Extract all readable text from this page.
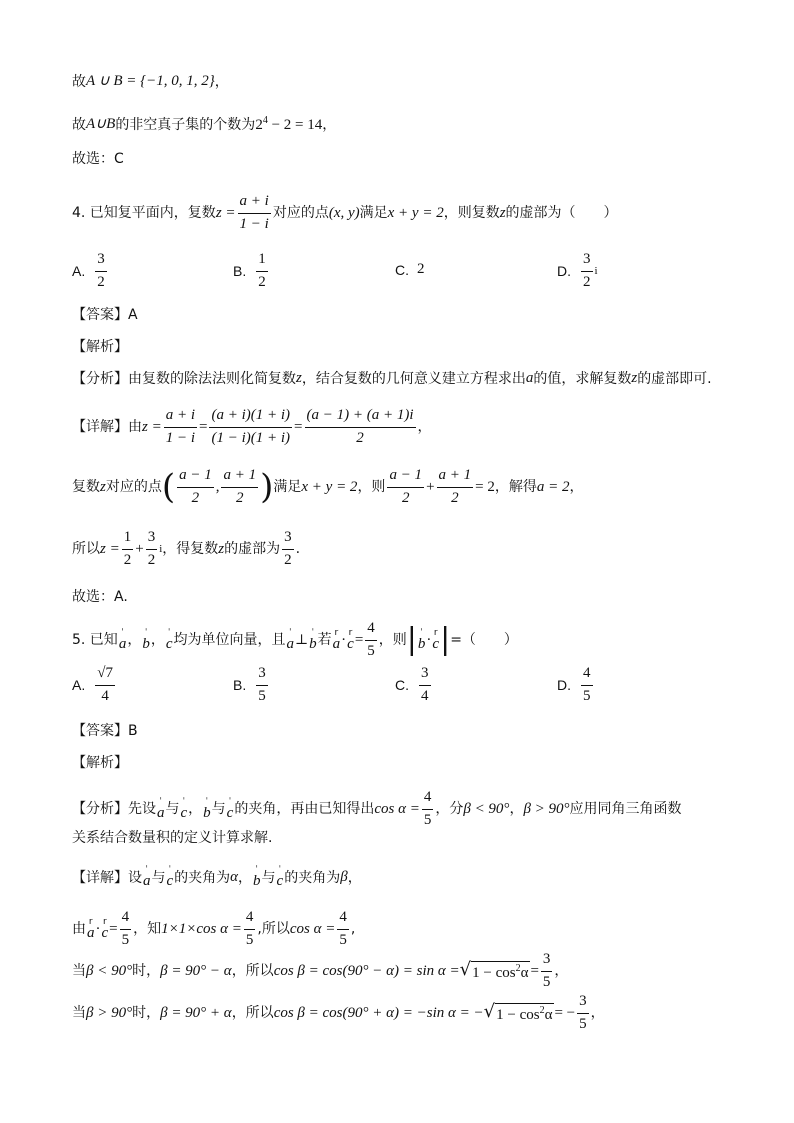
故 A ∪ B = {−1, 0, 1, 2} ，
故 A∪B 的非空真子集的个数为 $2^4 - 2 = 14$ ，
故选：C
4. 已知复平面内，复数 $z = \frac{a + i}{1 - i}$ 对应的点 (x, y) 满足 x + y = 2 ，则复数 z 的虚部为（　　）
A. $\frac{3}{2}$	B. $\frac{1}{2}$	C. 2	D. $\frac{3}{2}$ i
【答案】 A
【解析】
【分析】 由复数的除法法则化简复数 z ，结合复数的几何意义建立方程求出 a 的值，求解复数 z 的虚部即可.
【详解】 由 $z = \frac{a + i}{1 - i} = \frac{(a + i)(1 + i)}{(1 - i)(1 + i)} = \frac{(a - 1) + (a + 1)i}{2}$ ，
复数 z 对应的点 ( $\frac{a - 1}{2}$ , $\frac{a + 1}{2}$ ) 满足 x + y = 2 ，则 $\frac{a - 1}{2} + \frac{a + 1}{2} = 2$ ，解得 a = 2 ，
所以 $z = \frac{1}{2} + \frac{3}{2}$ i ，得复数 z 的虚部为 $\frac{3}{2}$ .
故选：A.
5. 已知 ˈ
a ， ˈ
b ， ˈ
c 均为单位向量，且 ˈ
a ⊥ ˈ
b 若 r
a · r
$c = \frac{4}{5}$ ，则 | ˈ
b · r
c | =（　　）
A. $\frac{√7}{4}$	B. $\frac{3}{5}$	C. $\frac{3}{4}$	D. $\frac{4}{5}$
【答案】 B
【解析】
【分析】 先设 ˈ
a 与 ˈ
c ， ˈ
b 与 ˈ
c 的夹角，再由已知得出 $\cos \alpha = \frac{4}{5}$ ，分 β < 90° ， β > 90° 应用同角三角函数
关系结合数量积的定义计算求解.
【详解】 设 ˈ
a 与 ˈ
c 的夹角为 α ， ˈ
b 与 ˈ
c 的夹角为 β ，
由 r
a · r
$c = \frac{4}{5}$ ，知 1×1×cos $\alpha = \frac{4}{5}$ ,所以 $\cos \alpha = \frac{4}{5}$ ,
当 β < 90° 时， β = 90° − α ，所以 cos β = cos(90° − α) = sin α = √ $1 - \cos^2\alpha = \frac{3}{5}$ ，
当 β > 90° 时， β = 90° + α ，所以 cos β = cos(90° + α) = −sin α = − √ $1 - \cos^2\alpha$ = − $\frac{3}{5}$ ，
